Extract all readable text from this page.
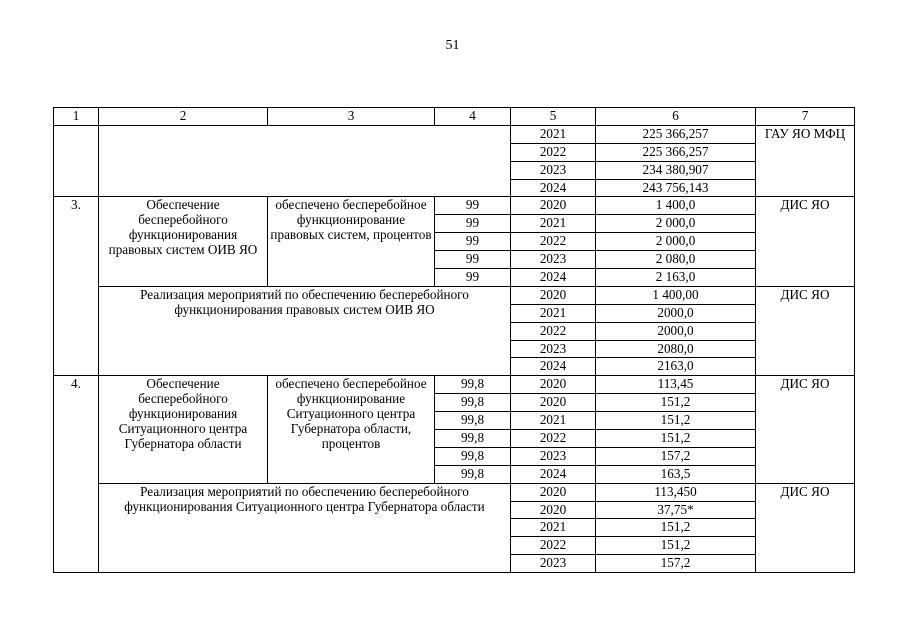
51
1	2	3	4	5	6	7
				2021	225 366,257	ГАУ ЯО МФЦ
				2022	225 366,257	
				2023	234 380,907	
				2024	243 756,143	
3.	Обеспечение бесперебойного функционирования правовых систем ОИВ ЯО	обеспечено бесперебойное функционирование правовых систем, процентов	99	2020	1 400,0	ДИС ЯО
			99	2021	2 000,0	
			99	2022	2 000,0	
			99	2023	2 080,0	
			99	2024	2 163,0	
	Реализация мероприятий по обеспечению бесперебойного функционирования правовых систем ОИВ ЯО			2020	1 400,00	ДИС ЯО
				2021	2000,0	
				2022	2000,0	
				2023	2080,0	
				2024	2163,0	
4.	Обеспечение бесперебойного функционирования Ситуационного центра Губернатора области	обеспечено бесперебойное функционирование Ситуационного центра Губернатора области, процентов	99,8	2020	113,45	ДИС ЯО
			99,8	2020	151,2	
			99,8	2021	151,2	
			99,8	2022	151,2	
			99,8	2023	157,2	
			99,8	2024	163,5	
	Реализация мероприятий по обеспечению бесперебойного функционирования Ситуационного центра Губернатора области			2020	113,450	ДИС ЯО
				2020	37,75*	
				2021	151,2	
				2022	151,2	
				2023	157,2	
